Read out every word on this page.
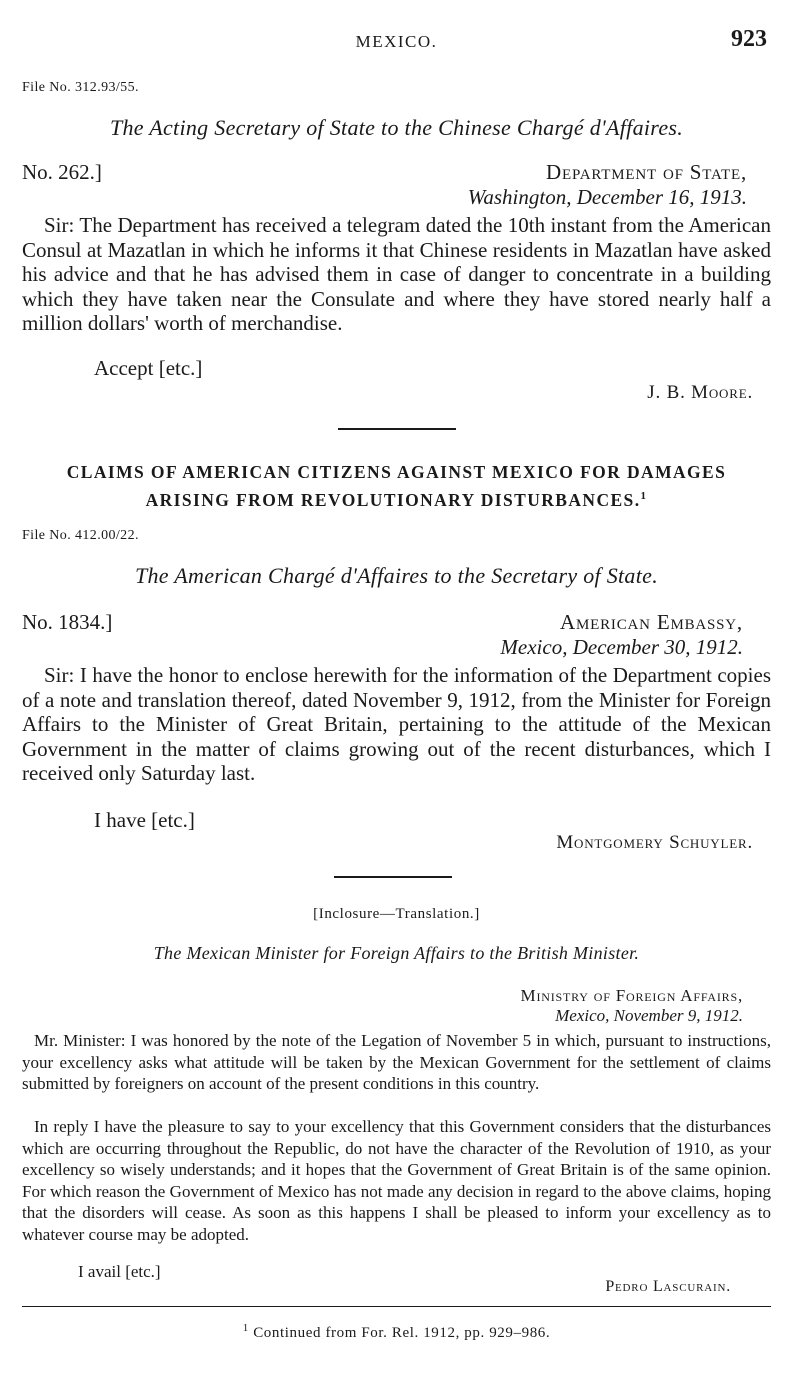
MEXICO.	923
File No. 312.93/55.
The Acting Secretary of State to the Chinese Chargé d'Affaires.
No. 262.]	Department of State,
Washington, December 16, 1913.
Sir: The Department has received a telegram dated the 10th instant from the American Consul at Mazatlan in which he informs it that Chinese residents in Mazatlan have asked his advice and that he has advised them in case of danger to concentrate in a building which they have taken near the Consulate and where they have stored nearly half a million dollars' worth of merchandise.
Accept [etc.]
J. B. Moore.
CLAIMS OF AMERICAN CITIZENS AGAINST MEXICO FOR DAMAGES
ARISING FROM REVOLUTIONARY DISTURBANCES.$^1$
File No. 412.00/22.
The American Chargé d'Affaires to the Secretary of State.
No. 1834.]	American Embassy,
Mexico, December 30, 1912.
Sir: I have the honor to enclose herewith for the information of the Department copies of a note and translation thereof, dated November 9, 1912, from the Minister for Foreign Affairs to the Minister of Great Britain, pertaining to the attitude of the Mexican Government in the matter of claims growing out of the recent disturbances, which I received only Saturday last.
I have [etc.]
Montgomery Schuyler.
[Inclosure—Translation.]
The Mexican Minister for Foreign Affairs to the British Minister.
Ministry of Foreign Affairs,
Mexico, November 9, 1912.
Mr. Minister: I was honored by the note of the Legation of November 5 in which, pursuant to instructions, your excellency asks what attitude will be taken by the Mexican Government for the settlement of claims submitted by foreigners on account of the present conditions in this country.
In reply I have the pleasure to say to your excellency that this Government considers that the disturbances which are occurring throughout the Republic, do not have the character of the Revolution of 1910, as your excellency so wisely understands; and it hopes that the Government of Great Britain is of the same opinion. For which reason the Government of Mexico has not made any decision in regard to the above claims, hoping that the disorders will cease. As soon as this happens I shall be pleased to inform your excellency as to whatever course may be adopted.
I avail [etc.]
Pedro Lascurain.
$^1$ Continued from For. Rel. 1912, pp. 929–986.
